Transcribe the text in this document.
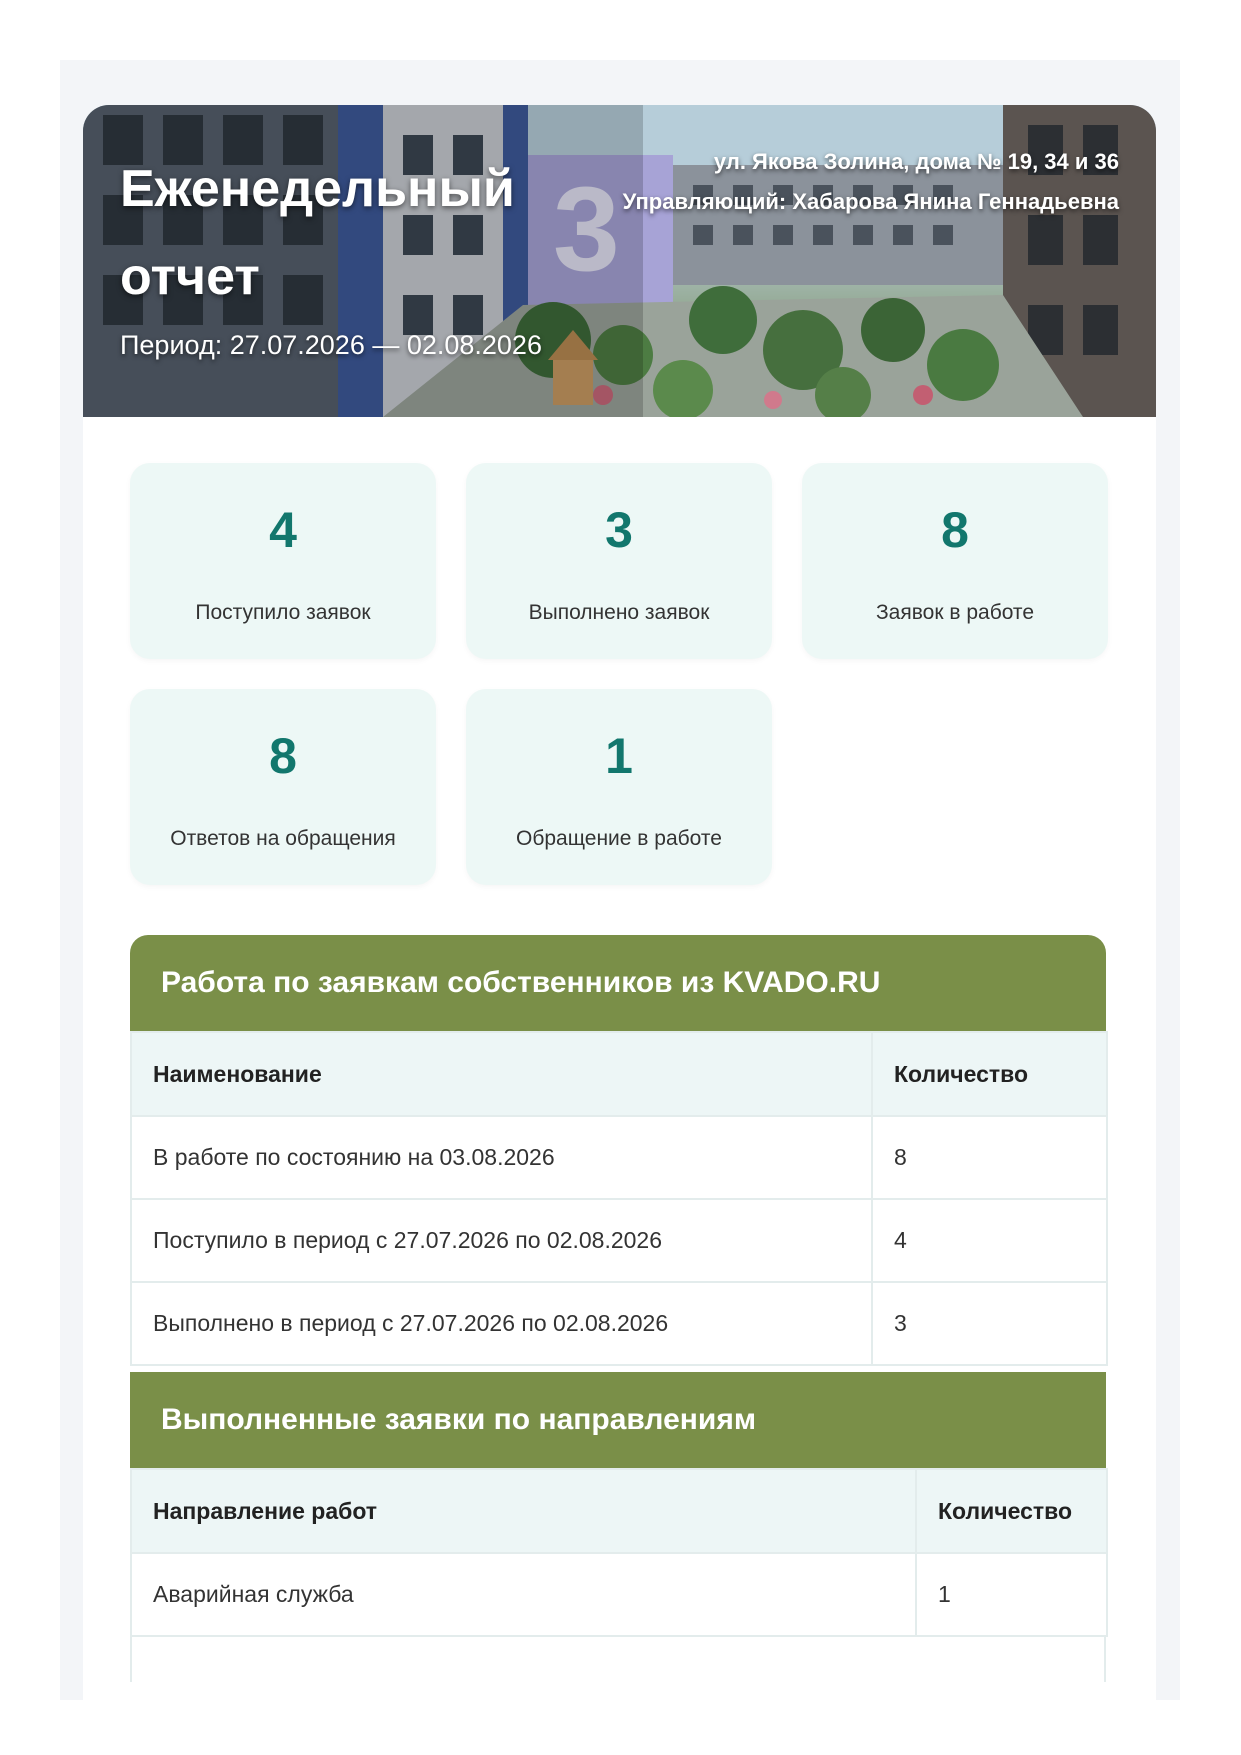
Еженедельный отчет
Период: 27.07.2026 — 02.08.2026
ул. Якова Золина, дома № 19, 34 и 36
Управляющий: Хабарова Янина Геннадьевна
4
Поступило заявок
3
Выполнено заявок
8
Заявок в работе
8
Ответов на обращения
1
Обращение в работе
Работа по заявкам собственников из KVADO.RU
Наименование	Количество
В работе по состоянию на 03.08.2026	8
Поступило в период с 27.07.2026 по 02.08.2026	4
Выполнено в период с 27.07.2026 по 02.08.2026	3
Выполненные заявки по направлениям
Направление работ	Количество
Аварийная служба	1
